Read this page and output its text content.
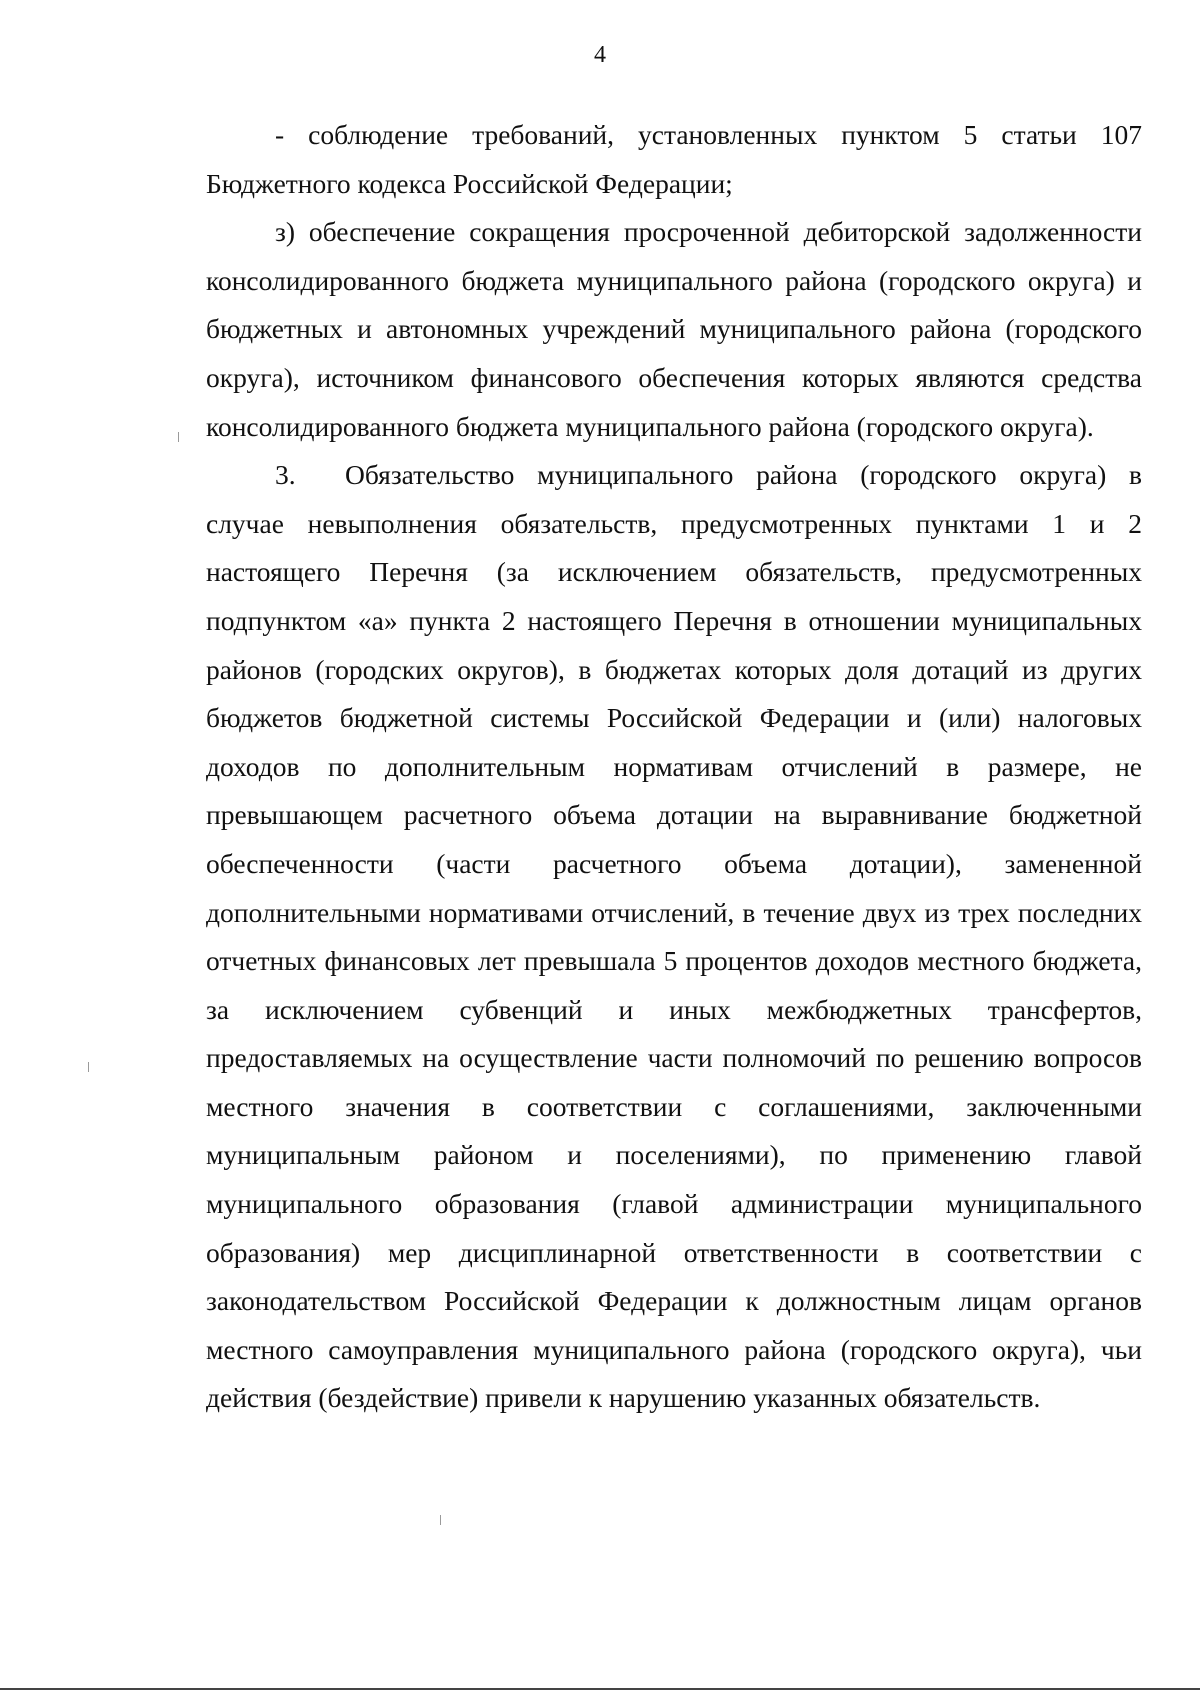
4

- соблюдение требований, установленных пунктом 5 статьи 107 Бюджетного кодекса Российской Федерации;

з) обеспечение сокращения просроченной дебиторской задолженности консолидированного бюджета муниципального района (городского округа) и бюджетных и автономных учреждений муниципального района (городского округа), источником финансового обеспечения которых являются средства консолидированного бюджета муниципального района (городского округа).

3. Обязательство муниципального района (городского округа) в случае невыполнения обязательств, предусмотренных пунктами 1 и 2 настоящего Перечня (за исключением обязательств, предусмотренных подпунктом «а» пункта 2 настоящего Перечня в отношении муниципальных районов (городских округов), в бюджетах которых доля дотаций из других бюджетов бюджетной системы Российской Федерации и (или) налоговых доходов по дополнительным нормативам отчислений в размере, не превышающем расчетного объема дотации на выравнивание бюджетной обеспеченности (части расчетного объема дотации), замененной дополнительными нормативами отчислений, в течение двух из трех последних отчетных финансовых лет превышала 5 процентов доходов местного бюджета, за исключением субвенций и иных межбюджетных трансфертов, предоставляемых на осуществление части полномочий по решению вопросов местного значения в соответствии с соглашениями, заключенными муниципальным районом и поселениями), по применению главой муниципального образования (главой администрации муниципального образования) мер дисциплинарной ответственности в соответствии с законодательством Российской Федерации к должностным лицам органов местного самоуправления муниципального района (городского округа), чьи действия (бездействие) привели к нарушению указанных обязательств.
